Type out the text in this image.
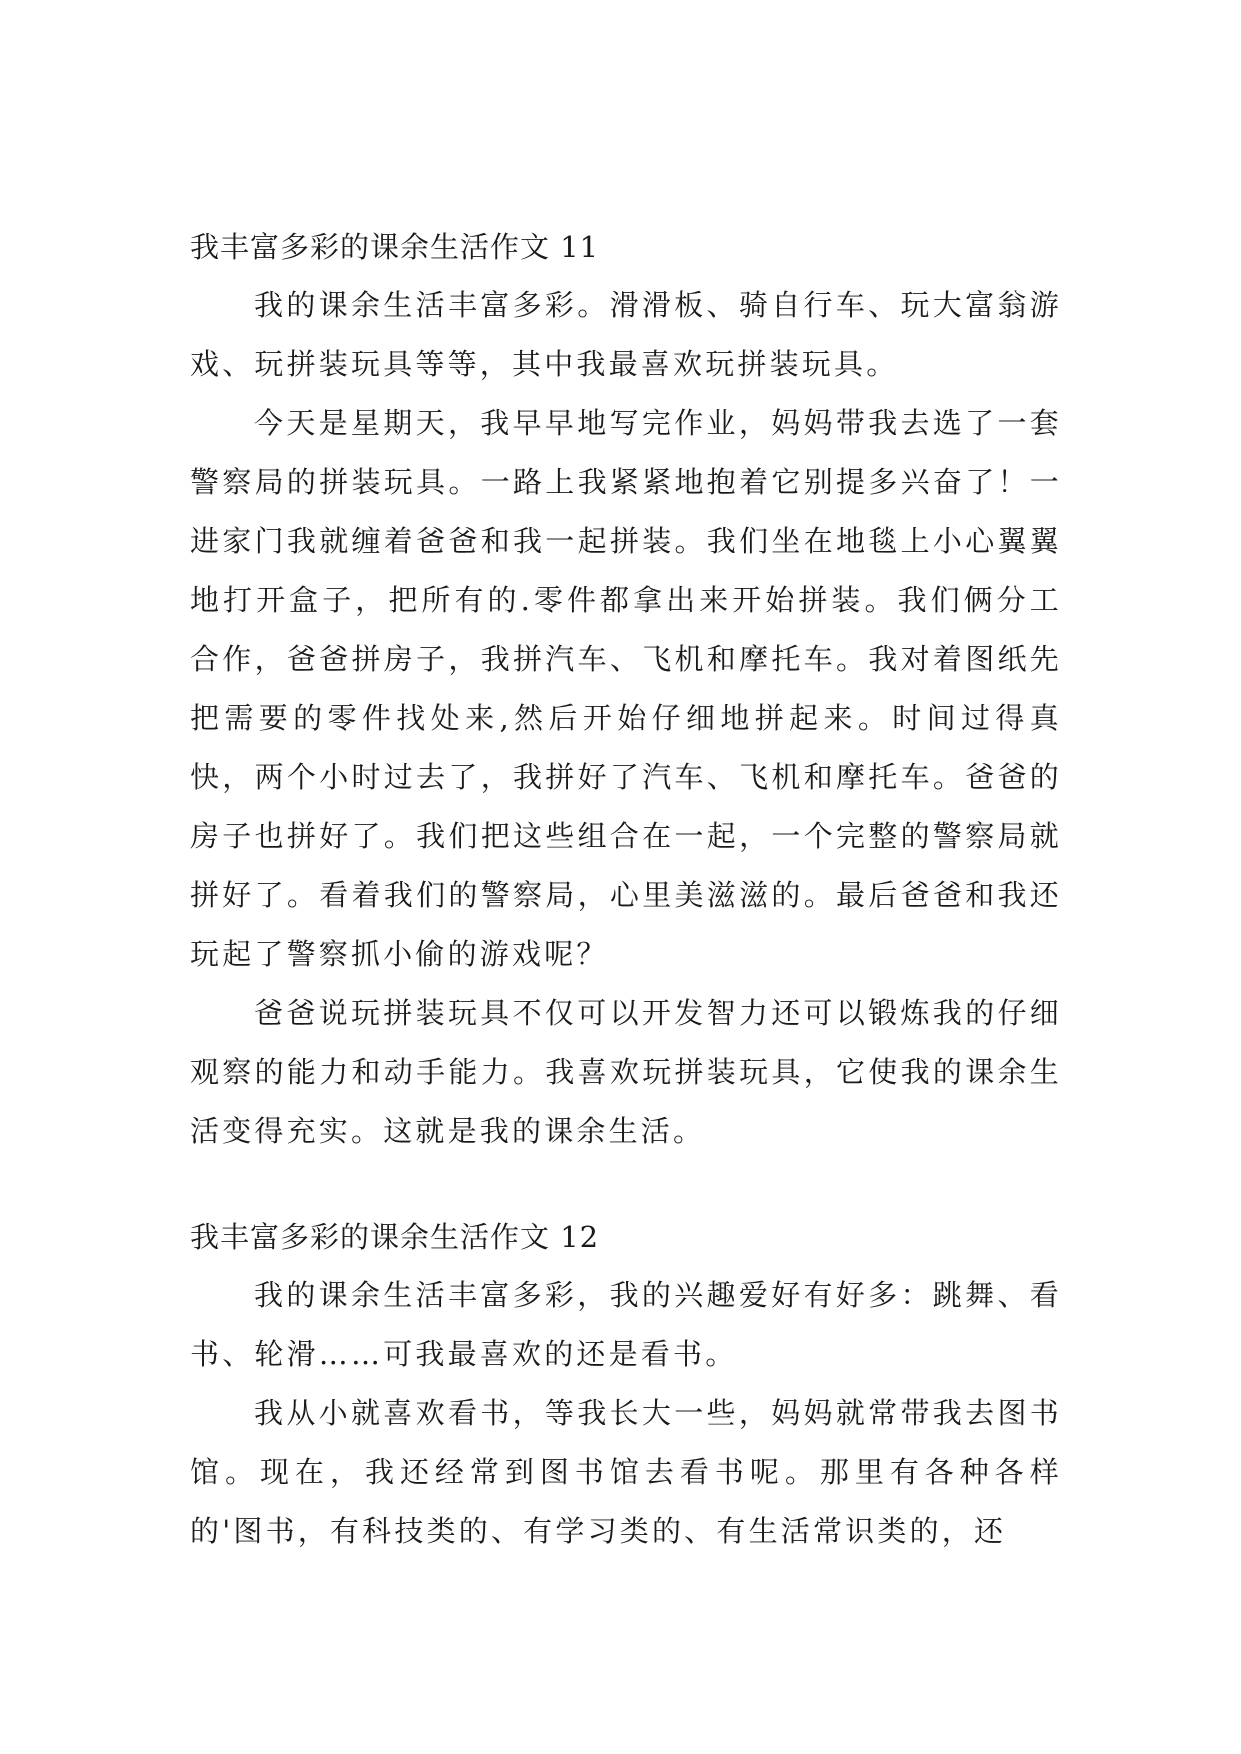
我丰富多彩的课余生活作文 11

我的课余生活丰富多彩。滑滑板、骑自行车、玩大富翁游戏、玩拼装玩具等等，其中我最喜欢玩拼装玩具。

今天是星期天，我早早地写完作业，妈妈带我去选了一套警察局的拼装玩具。一路上我紧紧地抱着它别提多兴奋了！一进家门我就缠着爸爸和我一起拼装。我们坐在地毯上小心翼翼地打开盒子，把所有的.零件都拿出来开始拼装。我们俩分工合作，爸爸拼房子，我拼汽车、飞机和摩托车。我对着图纸先把需要的零件找处来,然后开始仔细地拼起来。时间过得真快，两个小时过去了，我拼好了汽车、飞机和摩托车。爸爸的房子也拼好了。我们把这些组合在一起，一个完整的警察局就拼好了。看着我们的警察局，心里美滋滋的。最后爸爸和我还玩起了警察抓小偷的游戏呢？

爸爸说玩拼装玩具不仅可以开发智力还可以锻炼我的仔细观察的能力和动手能力。我喜欢玩拼装玩具，它使我的课余生活变得充实。这就是我的课余生活。

我丰富多彩的课余生活作文 12

我的课余生活丰富多彩，我的兴趣爱好有好多：跳舞、看书、轮滑……可我最喜欢的还是看书。

我从小就喜欢看书，等我长大一些，妈妈就常带我去图书馆。现在，我还经常到图书馆去看书呢。那里有各种各样的'图书，有科技类的、有学习类的、有生活常识类的，还
